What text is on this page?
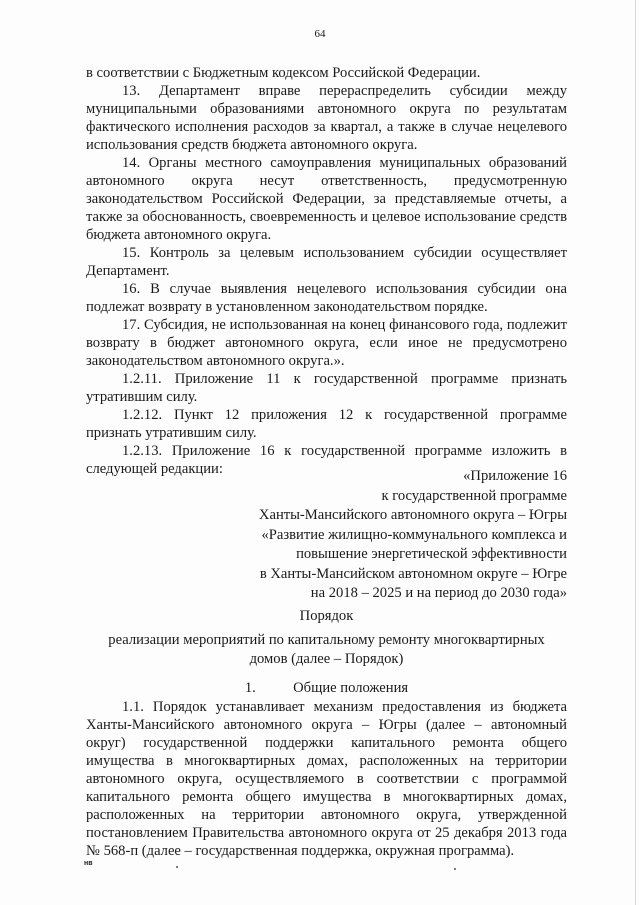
64

в соответствии с Бюджетным кодексом Российской Федерации.

13. Департамент вправе перераспределить субсидии между муниципальными образованиями автономного округа по результатам фактического исполнения расходов за квартал, а также в случае нецелевого использования средств бюджета автономного округа.

14. Органы местного самоуправления муниципальных образований автономного округа несут ответственность, предусмотренную законодательством Российской Федерации, за представляемые отчеты, а также за обоснованность, своевременность и целевое использование средств бюджета автономного округа.

15. Контроль за целевым использованием субсидии осуществляет Департамент.

16. В случае выявления нецелевого использования субсидии она подлежат возврату в установленном законодательством порядке.

17. Субсидия, не использованная на конец финансового года, подлежит возврату в бюджет автономного округа, если иное не предусмотрено законодательством автономного округа.».

1.2.11. Приложение 11 к государственной программе признать утратившим силу.

1.2.12. Пункт 12 приложения 12 к государственной программе признать утратившим силу.

1.2.13. Приложение 16 к государственной программе изложить в следующей редакции:	«Приложение 16
к государственной программе
Ханты-Мансийского автономного округа – Югры
«Развитие жилищно-коммунального комплекса и
повышение энергетической эффективности
в Ханты-Мансийском автономном округе – Югре
на 2018 – 2025 и на период до 2030 года»
Порядок
реализации мероприятий по капитальному ремонту многоквартирных
домов (далее – Порядок)
1.	Общие положения

1.1. Порядок устанавливает механизм предоставления из бюджета Ханты-Мансийского автономного округа – Югры (далее – автономный округ) государственной поддержки капитального ремонта общего имущества в многоквартирных домах, расположенных на территории автономного округа, осуществляемого в соответствии с программой капитального ремонта общего имущества в многоквартирных домах, расположенных на территории автономного округа, утвержденной постановлением Правительства автономного округа от 25 декабря 2013 года № 568-п (далее – государственная поддержка, окружная программа).

нв
